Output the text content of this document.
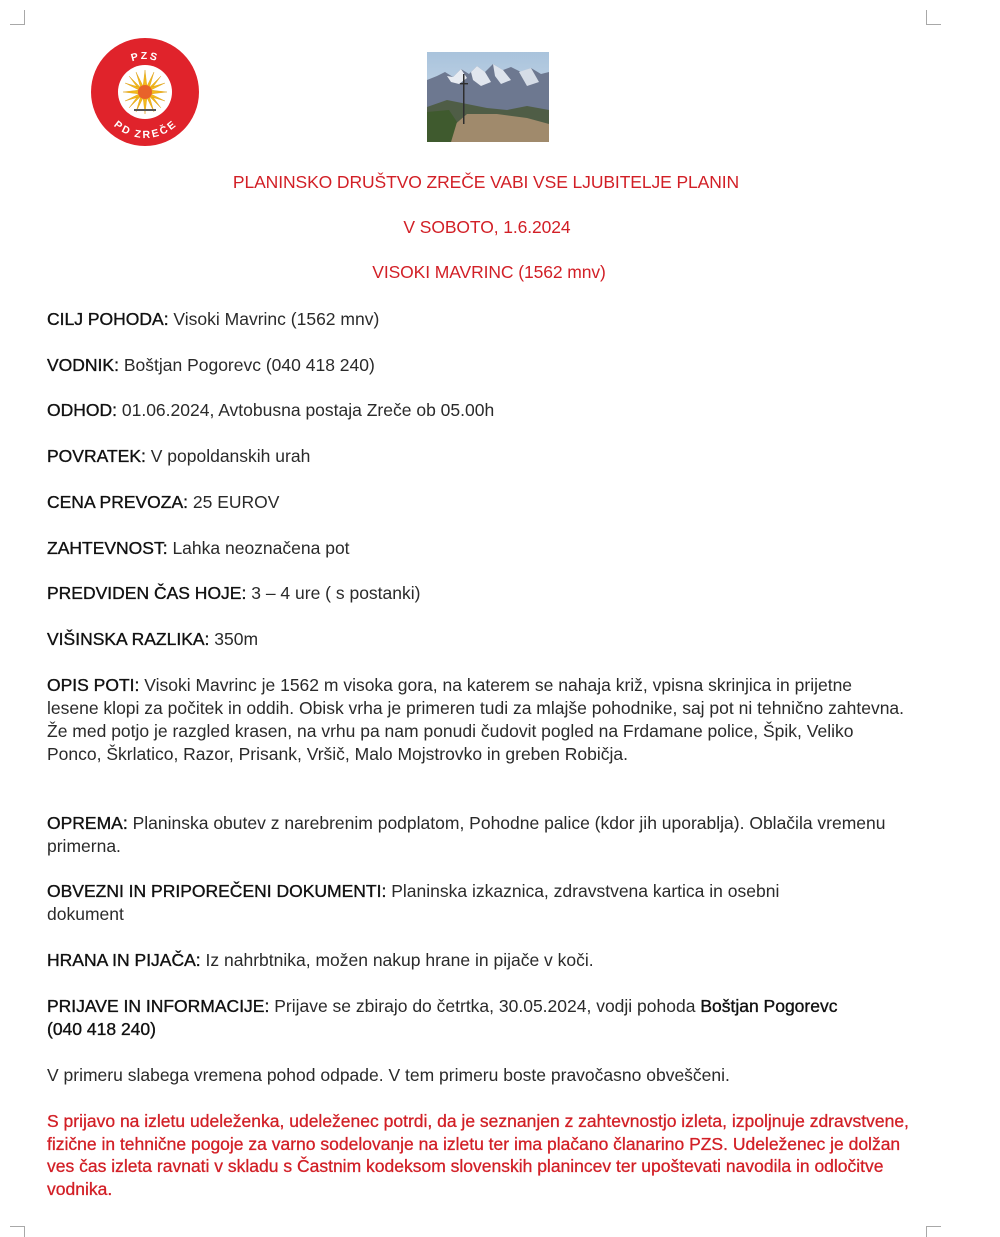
PZS
PD ZREČE
PLANINSKO DRUŠTVO ZREČE VABI VSE LJUBITELJE PLANIN
V SOBOTO, 1.6.2024
VISOKI MAVRINC (1562 mnv)
CILJ POHODA: Visoki Mavrinc (1562 mnv)
VODNIK: Boštjan Pogorevc (040 418 240)
ODHOD: 01.06.2024, Avtobusna postaja Zreče ob 05.00h
POVRATEK: V popoldanskih urah
CENA PREVOZA: 25 EUROV
ZAHTEVNOST: Lahka neoznačena pot
PREDVIDEN ČAS HOJE: 3 – 4 ure ( s postanki)
VIŠINSKA RAZLIKA: 350m
OPIS POTI: Visoki Mavrinc je 1562 m visoka gora, na katerem se nahaja križ, vpisna skrinjica in prijetne lesene klopi za počitek in oddih. Obisk vrha je primeren tudi za mlajše pohodnike, saj pot ni tehnično zahtevna. Že med potjo je razgled krasen, na vrhu pa nam ponudi čudovit pogled na Frdamane police, Špik, Veliko Ponco, Škrlatico, Razor, Prisank, Vršič, Malo Mojstrovko in greben Robičja.
OPREMA: Planinska obutev z narebrenim podplatom, Pohodne palice (kdor jih uporablja). Oblačila vremenu primerna.
OBVEZNI IN PRIPOREČENI DOKUMENTI: Planinska izkaznica, zdravstvena kartica in osebni dokument
HRANA IN PIJAČA: Iz nahrbtnika, možen nakup hrane in pijače v koči.
PRIJAVE IN INFORMACIJE: Prijave se zbirajo do četrtka, 30.05.2024, vodji pohoda Boštjan Pogorevc
(040 418 240)
V primeru slabega vremena pohod odpade. V tem primeru boste pravočasno obveščeni.
S prijavo na izletu udeleženka, udeleženec potrdi, da je seznanjen z zahtevnostjo izleta, izpoljnuje zdravstvene, fizične in tehnične pogoje za varno sodelovanje na izletu ter ima plačano članarino PZS. Udeleženec je dolžan ves čas izleta ravnati v skladu s Častnim kodeksom slovenskih planincev ter upoštevati navodila in odločitve vodnika.
